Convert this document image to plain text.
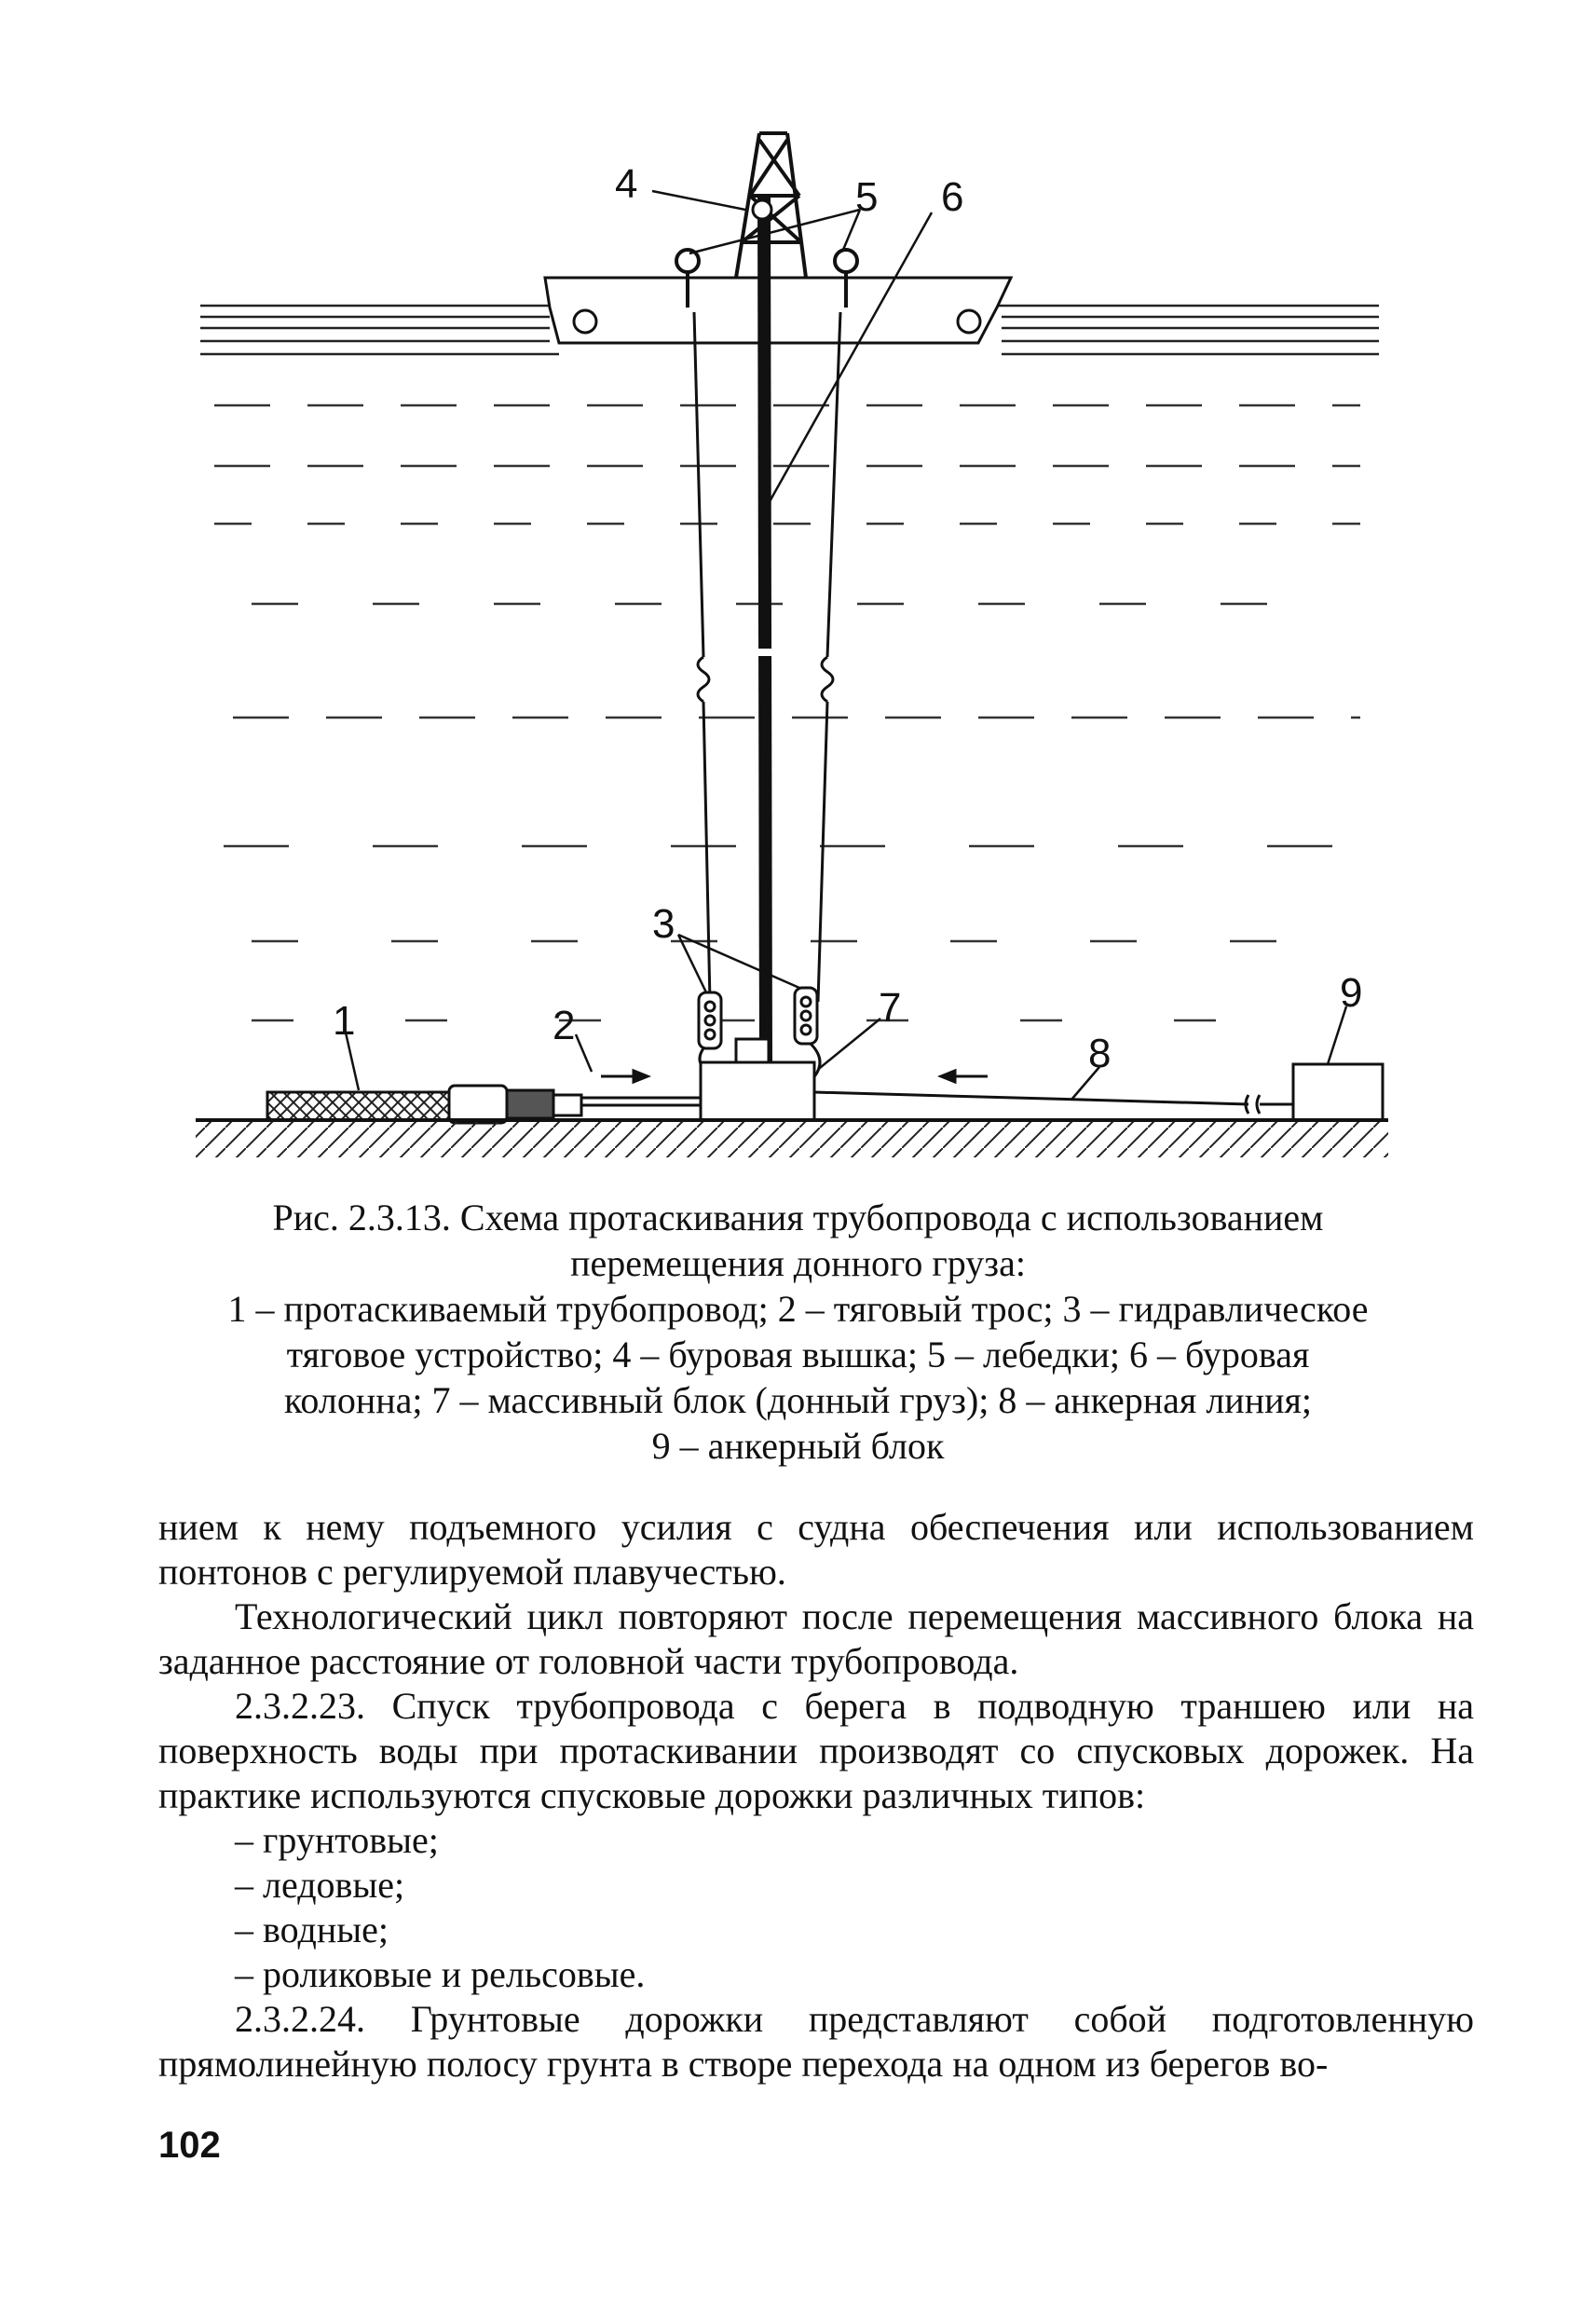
4	5 6
3
7	9
1	2
8

Рис. 2.3.13. Схема протаскивания трубопровода с использованием

перемещения донного груза:

1 – протаскиваемый трубопровод; 2 – тяговый трос; 3 – гидравлическое

тяговое устройство; 4 – буровая вышка; 5 – лебедки; 6 – буровая

колонна; 7 – массивный блок (донный груз); 8 – анкерная линия;

9 – анкерный блок

нием к нему подъемного усилия с судна обеспечения или использованием понтонов с регулируемой плавучестью.

Технологический цикл повторяют после перемещения массивного блока на заданное расстояние от головной части трубопровода.

2.3.2.23. Спуск трубопровода с берега в подводную траншею или на поверхность воды при протаскивании производят со спусковых дорожек. На практике используются спусковые дорожки различных типов:

– грунтовые;

– ледовые;

– водные;

– роликовые и рельсовые.

2.3.2.24. Грунтовые дорожки представляют собой подготовленную прямолинейную полосу грунта в створе перехода на одном из берегов во-

102
